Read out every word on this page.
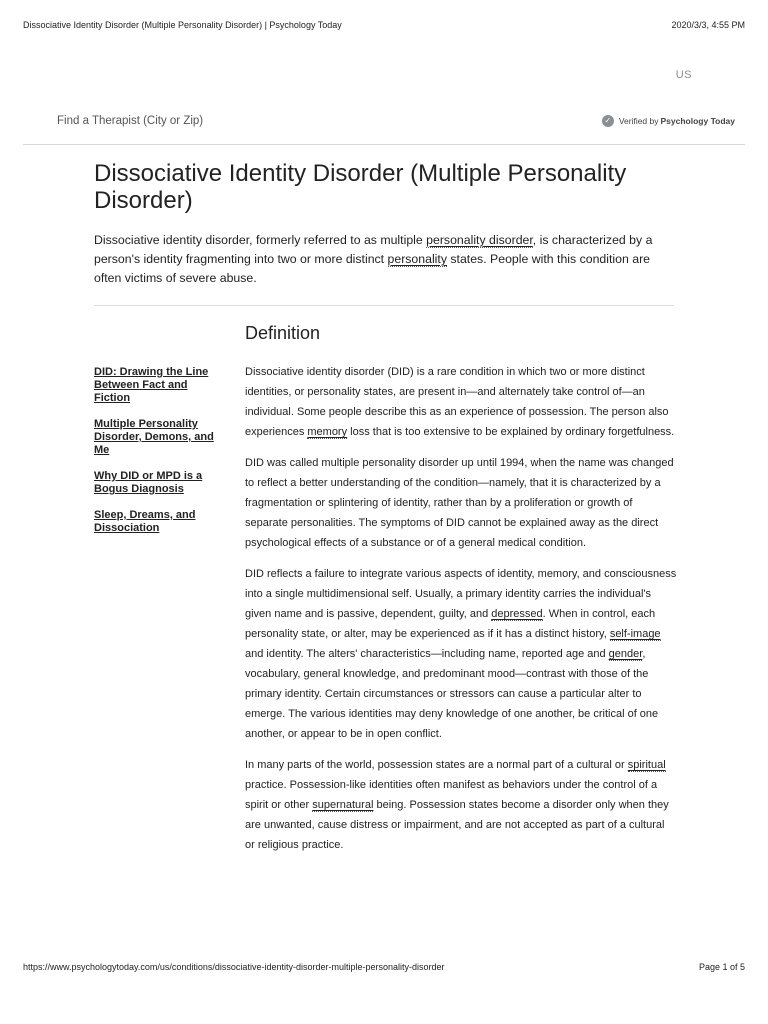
Dissociative Identity Disorder (Multiple Personality Disorder) | Psychology Today	2020/3/3, 4:55 PM
US
Find a Therapist (City or Zip)	✓ Verified by Psychology Today
Dissociative Identity Disorder (Multiple Personality Disorder)

Dissociative identity disorder, formerly referred to as multiple personality disorder, is characterized by a person's identity fragmenting into two or more distinct personality states. People with this condition are often victims of severe abuse.

Definition
DID: Drawing the Line Between Fact and Fiction
Multiple Personality Disorder, Demons, and Me
Why DID or MPD is a Bogus Diagnosis
Sleep, Dreams, and Dissociation

Dissociative identity disorder (DID) is a rare condition in which two or more distinct identities, or personality states, are present in—and alternately take control of—an individual. Some people describe this as an experience of possession. The person also experiences memory loss that is too extensive to be explained by ordinary forgetfulness.

DID was called multiple personality disorder up until 1994, when the name was changed to reflect a better understanding of the condition—namely, that it is characterized by a fragmentation or splintering of identity, rather than by a proliferation or growth of separate personalities. The symptoms of DID cannot be explained away as the direct psychological effects of a substance or of a general medical condition.

DID reflects a failure to integrate various aspects of identity, memory, and consciousness into a single multidimensional self. Usually, a primary identity carries the individual's given name and is passive, dependent, guilty, and depressed. When in control, each personality state, or alter, may be experienced as if it has a distinct history, self-image and identity. The alters' characteristics—including name, reported age and gender, vocabulary, general knowledge, and predominant mood—contrast with those of the primary identity. Certain circumstances or stressors can cause a particular alter to emerge. The various identities may deny knowledge of one another, be critical of one another, or appear to be in open conflict.

In many parts of the world, possession states are a normal part of a cultural or spiritual practice. Possession-like identities often manifest as behaviors under the control of a spirit or other supernatural being. Possession states become a disorder only when they are unwanted, cause distress or impairment, and are not accepted as part of a cultural or religious practice.

https://www.psychologytoday.com/us/conditions/dissociative-identity-disorder-multiple-personality-disorder	Page 1 of 5
